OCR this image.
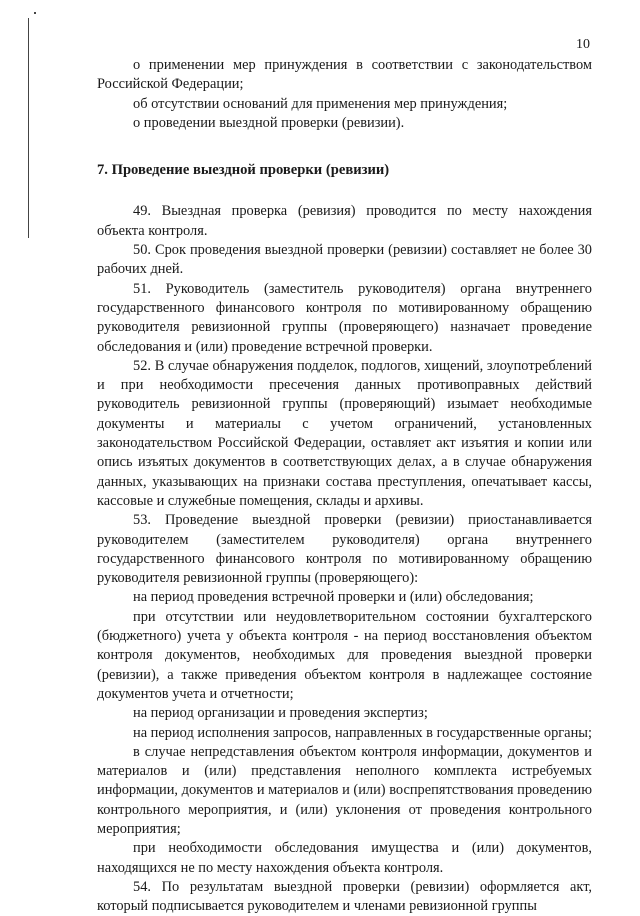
10

о применении мер принуждения в соответствии с законодательством Российской Федерации;

об отсутствии оснований для применения мер принуждения;

о проведении выездной проверки (ревизии).

7. Проведение выездной проверки (ревизии)

49. Выездная проверка (ревизия) проводится по месту нахождения объекта контроля.

50. Срок проведения выездной проверки (ревизии) составляет не более 30 рабочих дней.

51. Руководитель (заместитель руководителя) органа внутреннего государственного финансового контроля по мотивированному обращению руководителя ревизионной группы (проверяющего) назначает проведение обследования и (или) проведение встречной проверки.

52. В случае обнаружения подделок, подлогов, хищений, злоупотреблений и при необходимости пресечения данных противоправных действий руководитель ревизионной группы (проверяющий) изымает необходимые документы и материалы с учетом ограничений, установленных законодательством Российской Федерации, оставляет акт изъятия и копии или опись изъятых документов в соответствующих делах, а в случае обнаружения данных, указывающих на признаки состава преступления, опечатывает кассы, кассовые и служебные помещения, склады и архивы.

53. Проведение выездной проверки (ревизии) приостанавливается руководителем (заместителем руководителя) органа внутреннего государственного финансового контроля по мотивированному обращению руководителя ревизионной группы (проверяющего):

на период проведения встречной проверки и (или) обследования;

при отсутствии или неудовлетворительном состоянии бухгалтерского (бюджетного) учета у объекта контроля - на период восстановления объектом контроля документов, необходимых для проведения выездной проверки (ревизии), а также приведения объектом контроля в надлежащее состояние документов учета и отчетности;

на период организации и проведения экспертиз;

на период исполнения запросов, направленных в государственные органы;

в случае непредставления объектом контроля информации, документов и материалов и (или) представления неполного комплекта истребуемых информации, документов и материалов и (или) воспрепятствования проведению контрольного мероприятия, и (или) уклонения от проведения контрольного мероприятия;

при необходимости обследования имущества и (или) документов, находящихся не по месту нахождения объекта контроля.

54. По результатам выездной проверки (ревизии) оформляется акт, который подписывается руководителем и членами ревизионной группы
